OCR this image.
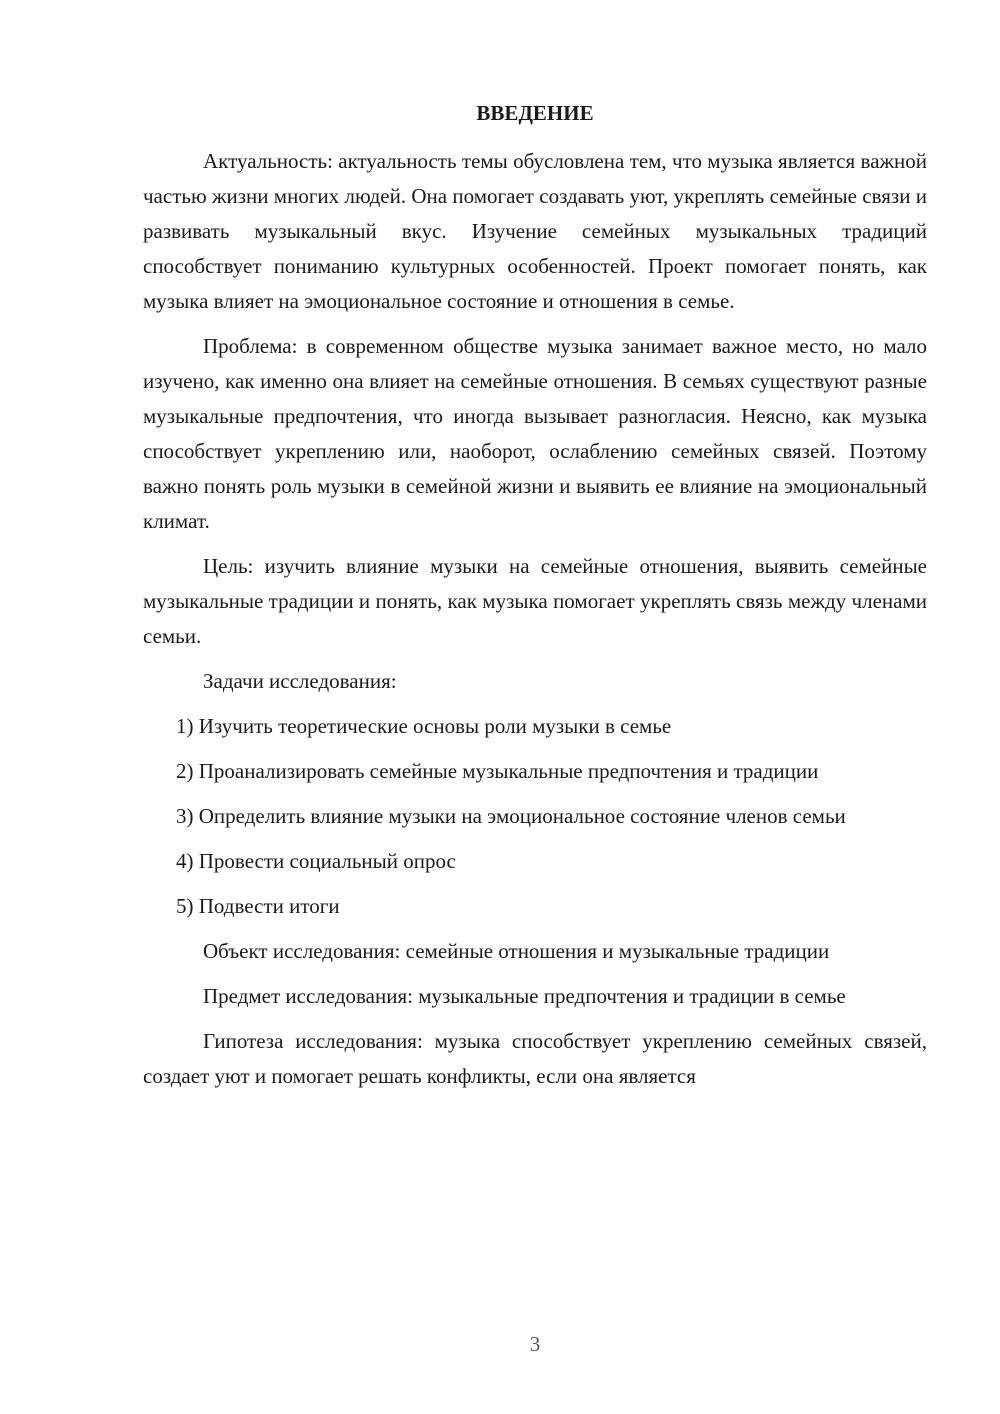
ВВЕДЕНИЕ

Актуальность: актуальность темы обусловлена тем, что музыка является важной частью жизни многих людей. Она помогает создавать уют, укреплять семейные связи и развивать музыкальный вкус. Изучение семейных музыкальных традиций способствует пониманию культурных особенностей. Проект помогает понять, как музыка влияет на эмоциональное состояние и отношения в семье.

Проблема: в современном обществе музыка занимает важное место, но мало изучено, как именно она влияет на семейные отношения. В семьях существуют разные музыкальные предпочтения, что иногда вызывает разногласия. Неясно, как музыка способствует укреплению или, наоборот, ослаблению семейных связей. Поэтому важно понять роль музыки в семейной жизни и выявить ее влияние на эмоциональный климат.

Цель: изучить влияние музыки на семейные отношения, выявить семейные музыкальные традиции и понять, как музыка помогает укреплять связь между членами семьи.

Задачи исследования:

1) Изучить теоретические основы роли музыки в семье

2) Проанализировать семейные музыкальные предпочтения и традиции

3) Определить влияние музыки на эмоциональное состояние членов семьи

4) Провести социальный опрос

5) Подвести итоги

Объект исследования: семейные отношения и музыкальные традиции

Предмет исследования: музыкальные предпочтения и традиции в семье

Гипотеза исследования: музыка способствует укреплению семейных связей, создает уют и помогает решать конфликты, если она является

3
